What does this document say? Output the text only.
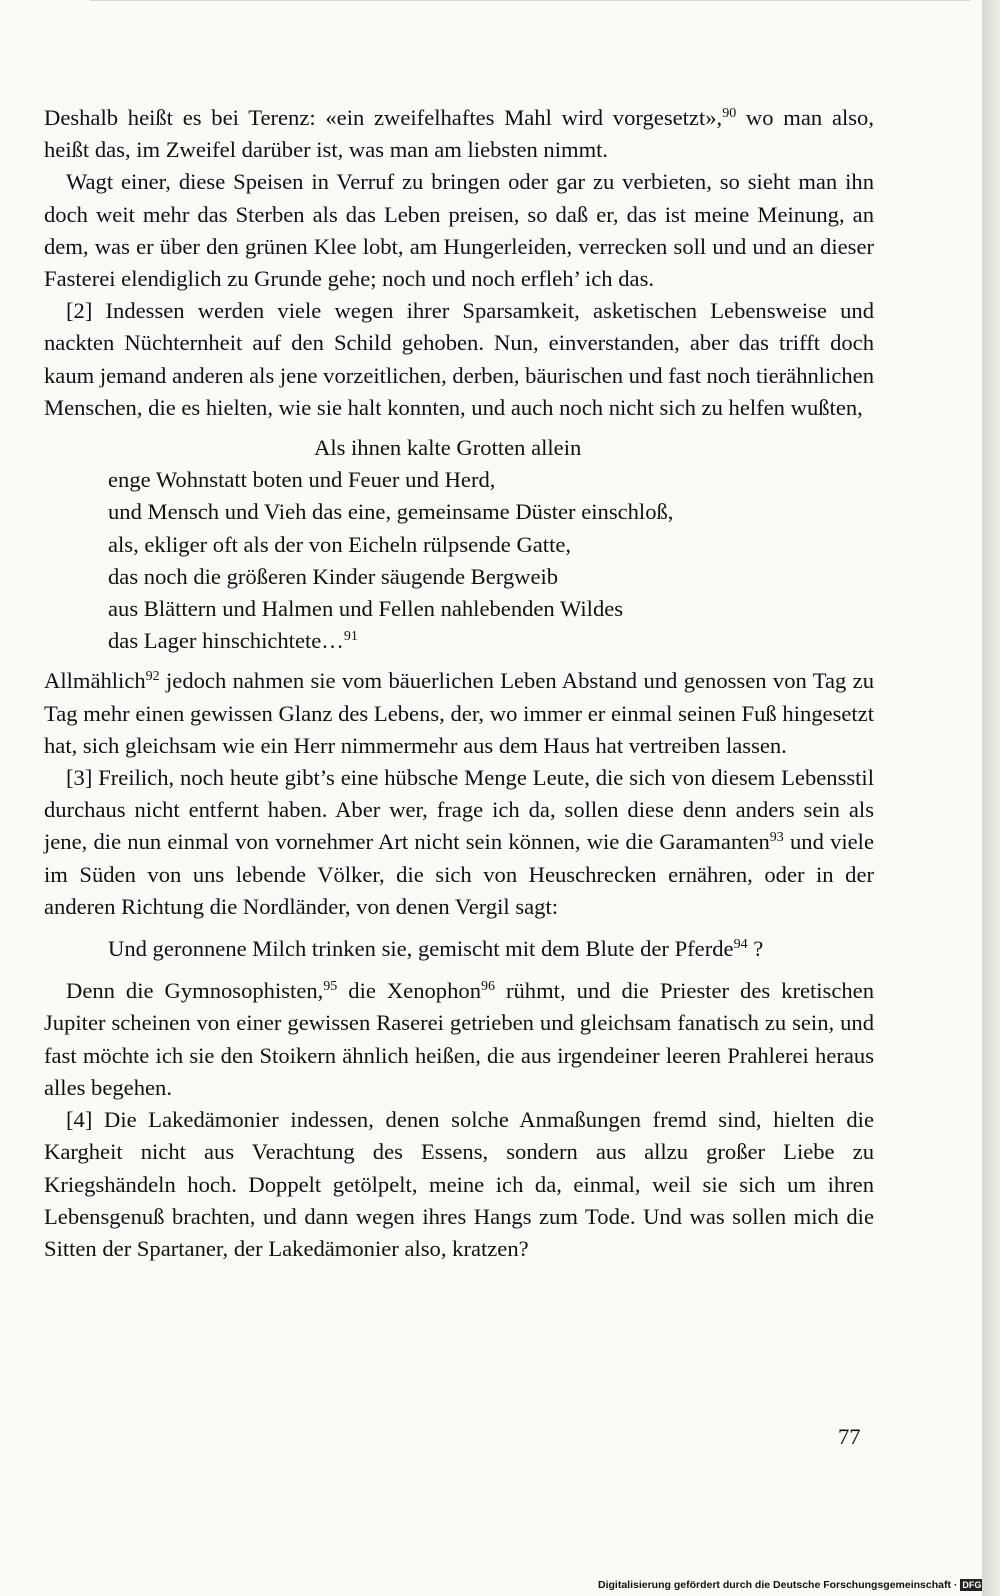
Deshalb heißt es bei Terenz: «ein zweifelhaftes Mahl wird vorgesetzt»,$^{90}$ wo man also, heißt das, im Zweifel darüber ist, was man am liebsten nimmt.

Wagt einer, diese Speisen in Verruf zu bringen oder gar zu verbieten, so sieht man ihn doch weit mehr das Sterben als das Leben preisen, so daß er, das ist meine Meinung, an dem, was er über den grünen Klee lobt, am Hungerleiden, verrecken soll und und an dieser Fasterei elendiglich zu Grunde gehe; noch und noch erfleh’ ich das.

[2] Indessen werden viele wegen ihrer Sparsamkeit, asketischen Lebensweise und nackten Nüchternheit auf den Schild gehoben. Nun, einverstanden, aber das trifft doch kaum jemand anderen als jene vorzeitlichen, derben, bäurischen und fast noch tierähnlichen Menschen, die es hielten, wie sie halt konnten, und auch noch nicht sich zu helfen wußten,

Als ihnen kalte Grotten allein
enge Wohnstatt boten und Feuer und Herd,
und Mensch und Vieh das eine, gemeinsame Düster einschloß,
als, ekliger oft als der von Eicheln rülpsende Gatte,
das noch die größeren Kinder säugende Bergweib
aus Blättern und Halmen und Fellen nahlebenden Wildes
das Lager hinschichtete…$^{91}$

Allmählich$^{92}$ jedoch nahmen sie vom bäuerlichen Leben Abstand und genossen von Tag zu Tag mehr einen gewissen Glanz des Lebens, der, wo immer er einmal seinen Fuß hingesetzt hat, sich gleichsam wie ein Herr nimmermehr aus dem Haus hat vertreiben lassen.

[3] Freilich, noch heute gibt’s eine hübsche Menge Leute, die sich von diesem Lebensstil durchaus nicht entfernt haben. Aber wer, frage ich da, sollen diese denn anders sein als jene, die nun einmal von vornehmer Art nicht sein können, wie die Garamanten$^{93}$ und viele im Süden von uns lebende Völker, die sich von Heuschrecken ernähren, oder in der anderen Richtung die Nordländer, von denen Vergil sagt:

Und geronnene Milch trinken sie, gemischt mit dem Blute der Pferde$^{94}$ ?

Denn die Gymnosophisten,$^{95}$ die Xenophon$^{96}$ rühmt, und die Priester des kretischen Jupiter scheinen von einer gewissen Raserei getrieben und gleichsam fanatisch zu sein, und fast möchte ich sie den Stoikern ähnlich heißen, die aus irgendeiner leeren Prahlerei heraus alles begehen.

[4] Die Lakedämonier indessen, denen solche Anmaßungen fremd sind, hielten die Kargheit nicht aus Verachtung des Essens, sondern aus allzu großer Liebe zu Kriegshändeln hoch. Doppelt getölpelt, meine ich da, einmal, weil sie sich um ihren Lebensgenuß brachten, und dann wegen ihres Hangs zum Tode. Und was sollen mich die Sitten der Spartaner, der Lakedämonier also, kratzen?

77
Digitalisierung gefördert durch die Deutsche Forschungsgemeinschaft · DFG
